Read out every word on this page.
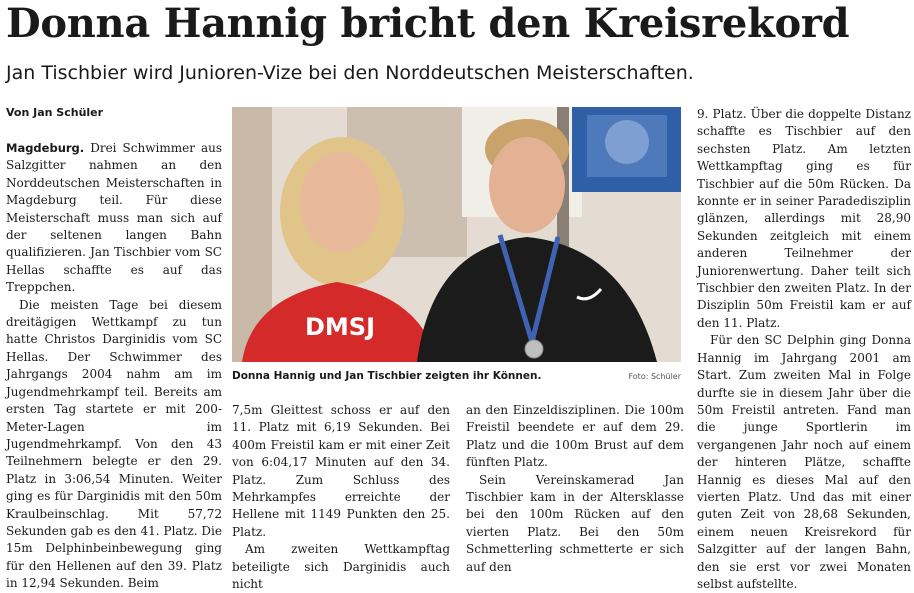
Donna Hannig bricht den Kreisrekord
Jan Tischbier wird Junioren-Vize bei den Norddeutschen Meisterschaften.
Von Jan Schüler

Magdeburg. Drei Schwimmer aus Salzgitter nahmen an den Norddeutschen Meisterschaften in Magdeburg teil. Für diese Meisterschaft muss man sich auf der seltenen langen Bahn qualifizieren. Jan Tischbier vom SC Hellas schaffte es auf das Treppchen.

Die meisten Tage bei diesem dreitägigen Wettkampf zu tun hatte Christos Darginidis vom SC Hellas. Der Schwimmer des Jahrgangs 2004 nahm am im Jugendmehrkampf teil. Bereits am ersten Tag startete er mit 200-Meter-Lagen im Jugendmehrkampf. Von den 43 Teilnehmern belegte er den 29. Platz in 3:06,54 Minuten. Weiter ging es für Darginidis mit den 50m Kraulbeinschlag. Mit 57,72 Sekunden gab es den 41. Platz. Die 15m Delphinbeinbewegung ging für den Hellenen auf den 39. Platz in 12,94 Sekunden. Beim

DMSJ
Donna Hannig und Jan Tischbier zeigten ihr Können.	Foto: Schüler

7,5m Gleittest schoss er auf den 11. Platz mit 6,19 Sekunden. Bei 400m Freistil kam er mit einer Zeit von 6:04,17 Minuten auf den 34. Platz. Zum Schluss des Mehrkampfes erreichte der Hellene mit 1149 Punkten den 25. Platz.

Am zweiten Wettkampftag beteiligte sich Darginidis auch nicht

an den Einzeldisziplinen. Die 100m Freistil beendete er auf dem 29. Platz und die 100m Brust auf dem fünften Platz.

Sein Vereinskamerad Jan Tischbier kam in der Altersklasse bei den 100m Rücken auf den vierten Platz. Bei den 50m Schmetterling schmetterte er sich auf den

9. Platz. Über die doppelte Distanz schaffte es Tischbier auf den sechsten Platz. Am letzten Wettkampftag ging es für Tischbier auf die 50m Rücken. Da konnte er in seiner Paradedisziplin glänzen, allerdings mit 28,90 Sekunden zeitgleich mit einem anderen Teilnehmer der Juniorenwertung. Daher teilt sich Tischbier den zweiten Platz. In der Disziplin 50m Freistil kam er auf den 11. Platz.

Für den SC Delphin ging Donna Hannig im Jahrgang 2001 am Start. Zum zweiten Mal in Folge durfte sie in diesem Jahr über die 50m Freistil antreten. Fand man die junge Sportlerin im vergangenen Jahr noch auf einem der hinteren Plätze, schaffte Hannig es dieses Mal auf den vierten Platz. Und das mit einer guten Zeit von 28,68 Sekunden, einem neuen Kreisrekord für Salzgitter auf der langen Bahn, den sie erst vor zwei Monaten selbst aufstellte.
